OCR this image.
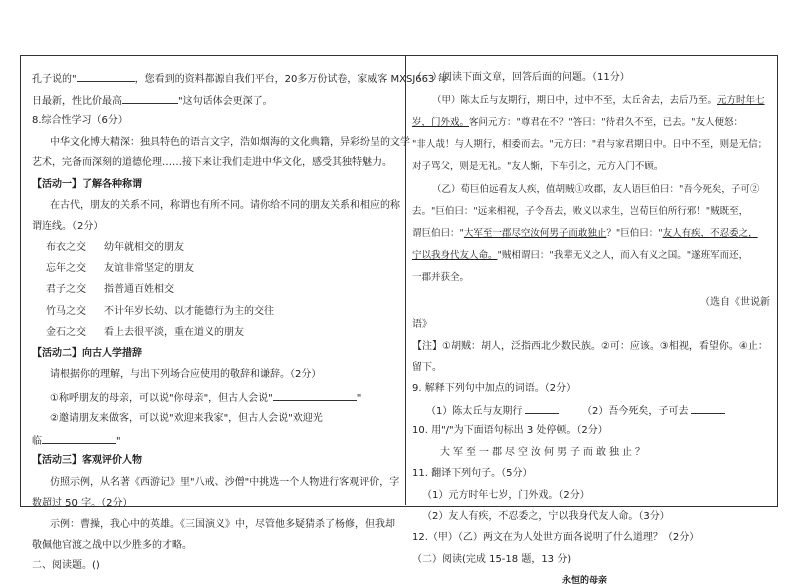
孔子说的"	，您看到的资料都源自我们平台，20多万份试卷，家威客 MXSJ663 每
日最新，性比价最高	"这句话体会更深了。
8.综合性学习（6分）
中华文化博大精深：独具特色的语言文字，浩如烟海的文化典籍，异彩纷呈的文学
艺术，完备而深刻的道德伦理……接下来让我们走进中华文化，感受其独特魅力。
【活动一】了解各种称谓
在古代，朋友的关系不同，称谓也有所不同。请你给不同的朋友关系和相应的称
谓连线。（2分）
布衣之交 幼年就相交的朋友
忘年之交 友谊非常坚定的朋友
君子之交 指普通百姓相交
竹马之交 不计年岁长幼、以才能德行为主的交往
金石之交 看上去很平淡，重在道义的朋友
【活动二】向古人学措辞
请根据你的理解，与出下列场合应使用的敬辞和谦辞。（2分）
①称呼朋友的母亲，可以说"你母亲"，但古人会说"	"
②邀请朋友来做客，可以说"欢迎来我家"，但古人会说"欢迎光
临	"
【活动三】客观评价人物
仿照示例，从名著《西游记》里"八戒、沙僧"中挑选一个人物进行客观评价，字
数超过 50 字。（2分）
示例：曹操，我心中的英雄。《三国演义》中，尽管他多疑猜杀了杨修，但我却
敬佩他官渡之战中以少胜多的才略。
二、阅读题。()
（一）阅读下面文章，回答后面的问题。（11分）
（甲）陈太丘与友期行，期日中，过中不至，太丘舍去，去后乃至。元方时年七
岁，门外戏。客问元方："尊君在不？"答曰："待君久不至，已去。"友人便怒：
"非人哉！与人期行，相委而去。"元方曰："君与家君期日中。日中不至，则是无信；
对子骂父，则是无礼。"友人惭，下车引之，元方入门不顾。
（乙）荀巨伯远看友人疾，值胡贼①攻郡，友人语巨伯曰："吾今死矣，子可②
去。"巨伯曰："远来相视，子令吾去，败义以求生，岂荀巨伯所行邪！"贼既至，
谓巨伯曰："大军至一郡尽空汝何男子而敢独止？"巨伯曰："友人有疾，不忍委之，
宁以我身代友人命。"贼相谓曰："我辈无义之人，而入有义之国。"遂班军而还，
一郡并获全。
（选自《世说新
语》
【注】①胡贼：胡人，泛指西北少数民族。②可：应该。③相视，看望你。④止：
留下。
9. 解释下列句中加点的词语。（2分）
（1）陈太丘与友期行	（2）吾今死矣，子可去
10. 用"/"为下面语句标出 3 处停顿。（2分）
大军至一郡尽空汝何男子而敢独止？
11. 翻译下列句子。（5分）
（1）元方时年七岁，门外戏。（2分）
（2）友人有疾，不忍委之，宁以我身代友人命。（3分）
12.（甲）（乙）两文在为人处世方面各说明了什么道理？（2分）
（二）阅读(完成 15-18 题，13 分)
永恒的母亲
